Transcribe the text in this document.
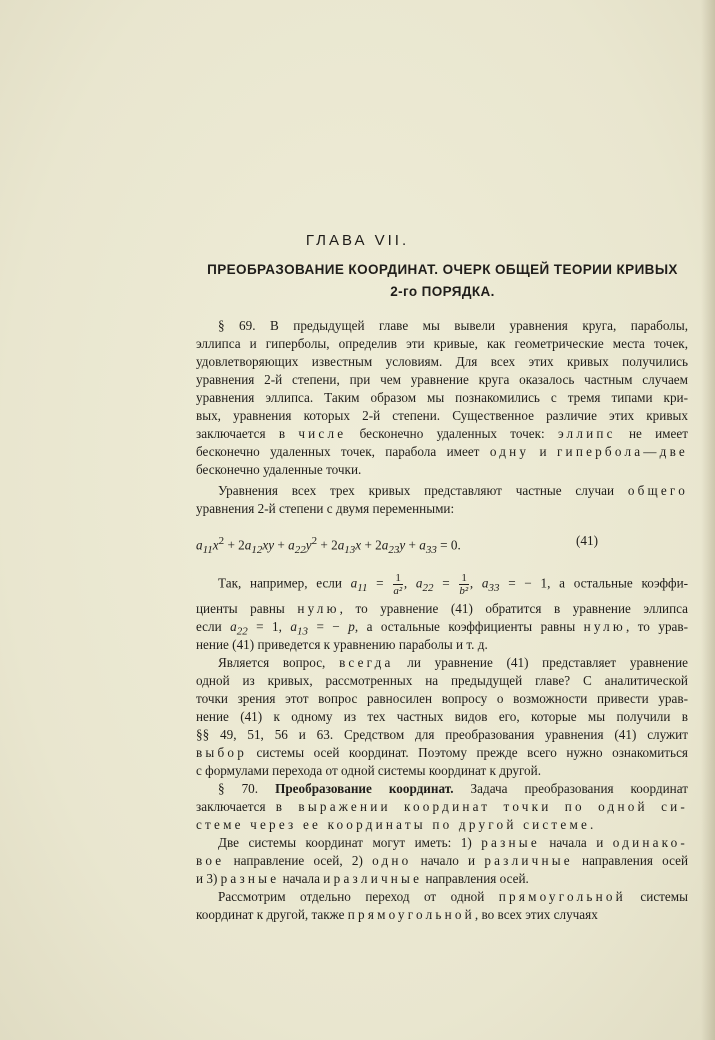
ГЛАВА VII.
ПРЕОБРАЗОВАНИЕ КООРДИНАТ. ОЧЕРК ОБЩЕЙ ТЕОРИИ КРИВЫХ
2-го ПОРЯДКА.
§ 69. В предыдущей главе мы вывели уравнения круга, параболы,
эллипса и гиперболы, определив эти кривые, как геометрические места точек,
удовлетворяющих известным условиям. Для всех этих кривых получились
уравнения 2-й степени, при чем уравнение круга оказалось частным случаем
уравнения эллипса. Таким образом мы познакомились с тремя типами кри-
вых, уравнения которых 2-й степени. Существенное различие этих кривых
заключается в числе бесконечно удаленных точек: эллипс не имеет
бесконечно удаленных точек, парабола имеет одну и гипербола—две
бесконечно удаленные точки.
Уравнения всех трех кривых представляют частные случаи общего
уравнения 2-й степени с двумя переменными:
$a_{11}x^2 + 2a_{12}xy + a_{22}y^2 + 2a_{13}x + 2a_{23}y + a_{33} = 0$.	(41)
Так, например, если $a_{11} = \frac{1}{\text{a²}}$ , $a_{22} = \frac{1}{\text{b²}}$ , $a_{33}$ = − 1, а остальные коэффи-
циенты равны нулю, то уравнение (41) обратится в уравнение эллипса
если $a_{22} = 1$, $a_{13}$ = − p, а остальные коэффициенты равны нулю, то урав-
нение (41) приведется к уравнению параболы и т. д.
Является вопрос, всегда ли уравнение (41) представляет уравнение
одной из кривых, рассмотренных на предыдущей главе? С аналитической
точки зрения этот вопрос равносилен вопросу о возможности привести урав-
нение (41) к одному из тех частных видов его, которые мы получили в
§§ 49, 51, 56 и 63. Средством для преобразования уравнения (41) служит
выбор системы осей координат. Поэтому прежде всего нужно ознакомиться
с формулами перехода от одной системы координат к другой.
§ 70. Преобразование координат. Задача преобразования координат
заключается в выражении координат точки по одной си-
стеме через ее координаты по другой системе.
Две системы координат могут иметь: 1) разные начала и одинако-
вое направление осей, 2) одно начало и различные направления осей
и 3) разные начала и различные направления осей.
Рассмотрим отдельно переход от одной прямоугольной системы
координат к другой, также прямоугольной, во всех этих случаях
